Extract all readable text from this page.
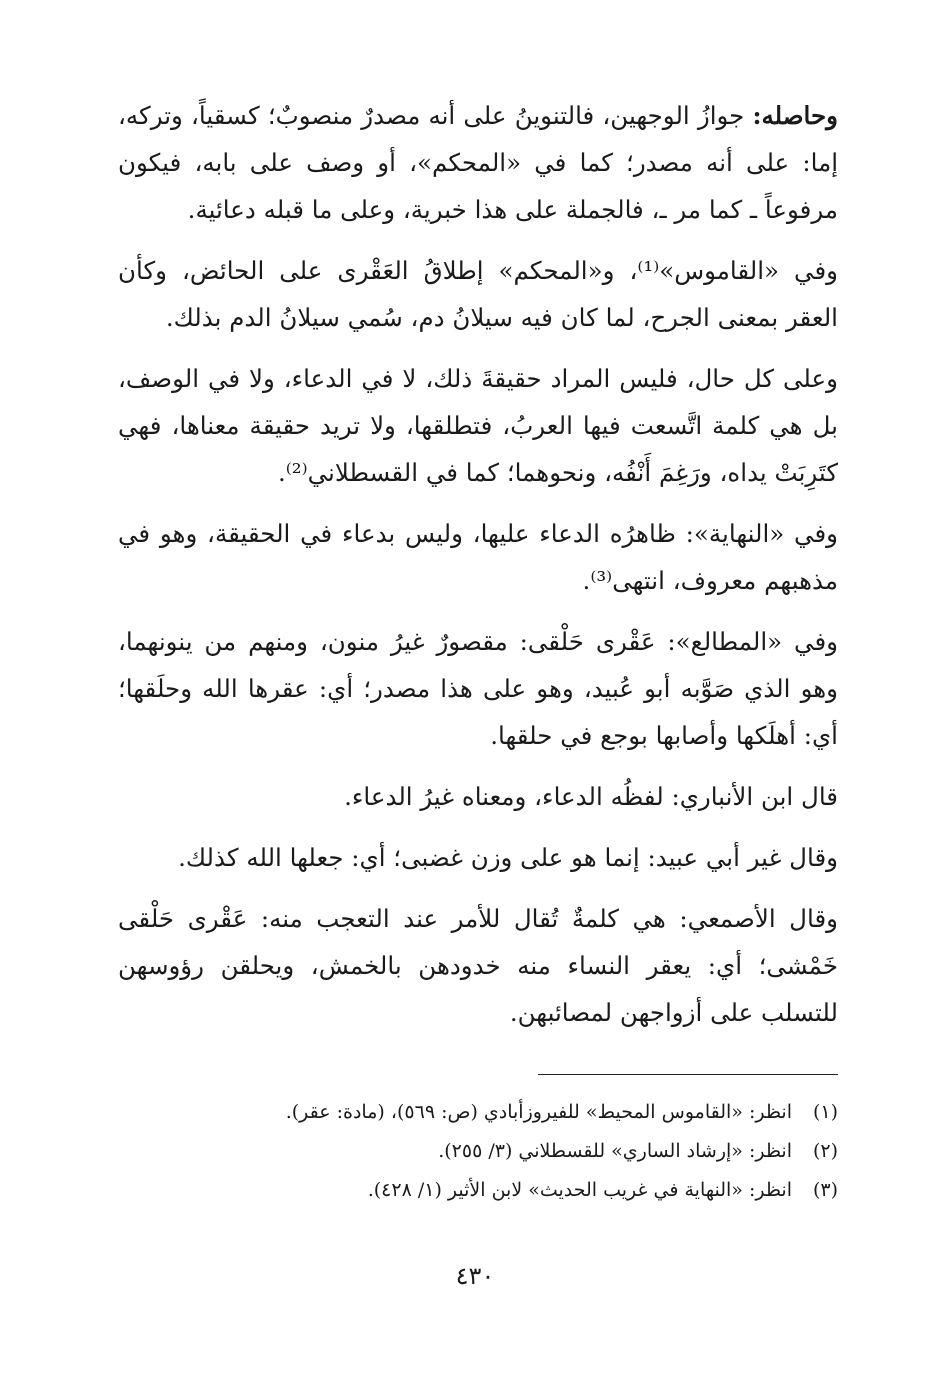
وحاصله: جوازُ الوجهين، فالتنوينُ على أنه مصدرٌ منصوبٌ؛ كسقياً، وتركه، إما: على أنه مصدر؛ كما في «المحكم»، أو وصف على بابه، فيكون مرفوعاً ـ كما مر ـ، فالجملة على هذا خبرية، وعلى ما قبله دعائية.

وفي «القاموس»⁽¹⁾، و«المحكم» إطلاقُ العَقْرى على الحائض، وكأن العقر بمعنى الجرح، لما كان فيه سيلانُ دم، سُمي سيلانُ الدم بذلك.

وعلى كل حال، فليس المراد حقيقةَ ذلك، لا في الدعاء، ولا في الوصف، بل هي كلمة اتَّسعت فيها العربُ، فتطلقها، ولا تريد حقيقة معناها، فهي كتَرِبَتْ يداه، ورَغِمَ أَنْفُه، ونحوهما؛ كما في القسطلاني⁽²⁾.

وفي «النهاية»: ظاهرُه الدعاء عليها، وليس بدعاء في الحقيقة، وهو في مذهبهم معروف، انتهى⁽³⁾.

وفي «المطالع»: عَقْرى حَلْقى: مقصورٌ غيرُ منون، ومنهم من ينونهما، وهو الذي صَوَّبه أبو عُبيد، وهو على هذا مصدر؛ أي: عقرها الله وحلَقها؛ أي: أهلَكها وأصابها بوجع في حلقها.

قال ابن الأنباري: لفظُه الدعاء، ومعناه غيرُ الدعاء.

وقال غير أبي عبيد: إنما هو على وزن غضبى؛ أي: جعلها الله كذلك.

وقال الأصمعي: هي كلمةٌ تُقال للأمر عند التعجب منه: عَقْرى حَلْقى خَمْشى؛ أي: يعقر النساء منه خدودهن بالخمش، ويحلقن رؤوسهن للتسلب على أزواجهن لمصائبهن.

(١)انظر: «القاموس المحيط» للفيروزأبادي (ص: ٥٦٩)، (مادة: عقر).
(٢)انظر: «إرشاد الساري» للقسطلاني (٣/ ٢٥٥).
(٣)انظر: «النهاية في غريب الحديث» لابن الأثير (١/ ٤٢٨).
٤٣٠
